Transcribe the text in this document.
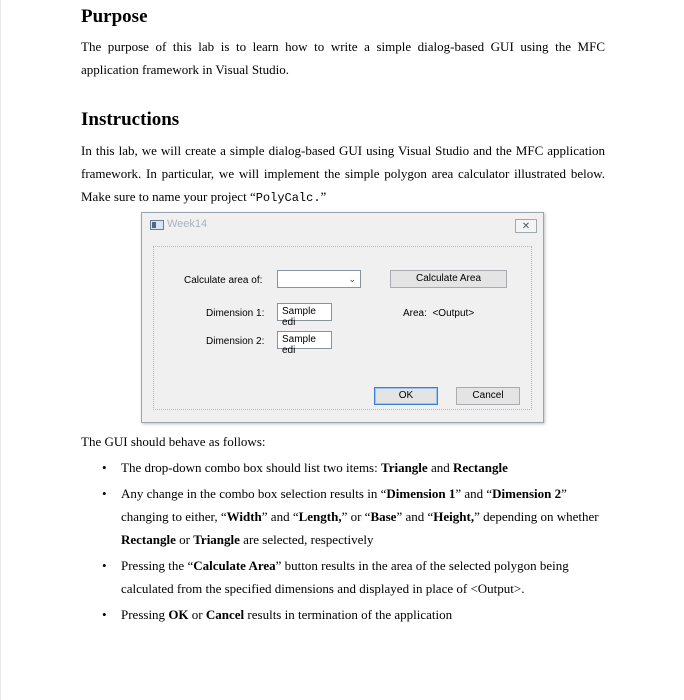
Purpose

The purpose of this lab is to learn how to write a simple dialog-based GUI using the MFC application framework in Visual Studio.

Instructions

In this lab, we will create a simple dialog-based GUI using Visual Studio and the MFC application framework. In particular, we will implement the simple polygon area calculator illustrated below. Make sure to name your project “PolyCalc.”

Week14	✕
Calculate area of:	⌄
Dimension 1:	Sample edi
Dimension 2:	Sample edi
Calculate Area
Area: <Output>
OK	Cancel

The GUI should behave as follows:

• The drop-down combo box should list two items: Triangle and Rectangle
• Any change in the combo box selection results in “Dimension 1” and “Dimension 2” changing to either, “Width” and “Length,” or “Base” and “Height,” depending on whether Rectangle or Triangle are selected, respectively
• Pressing the “Calculate Area” button results in the area of the selected polygon being calculated from the specified dimensions and displayed in place of <Output>.
• Pressing OK or Cancel results in termination of the application
